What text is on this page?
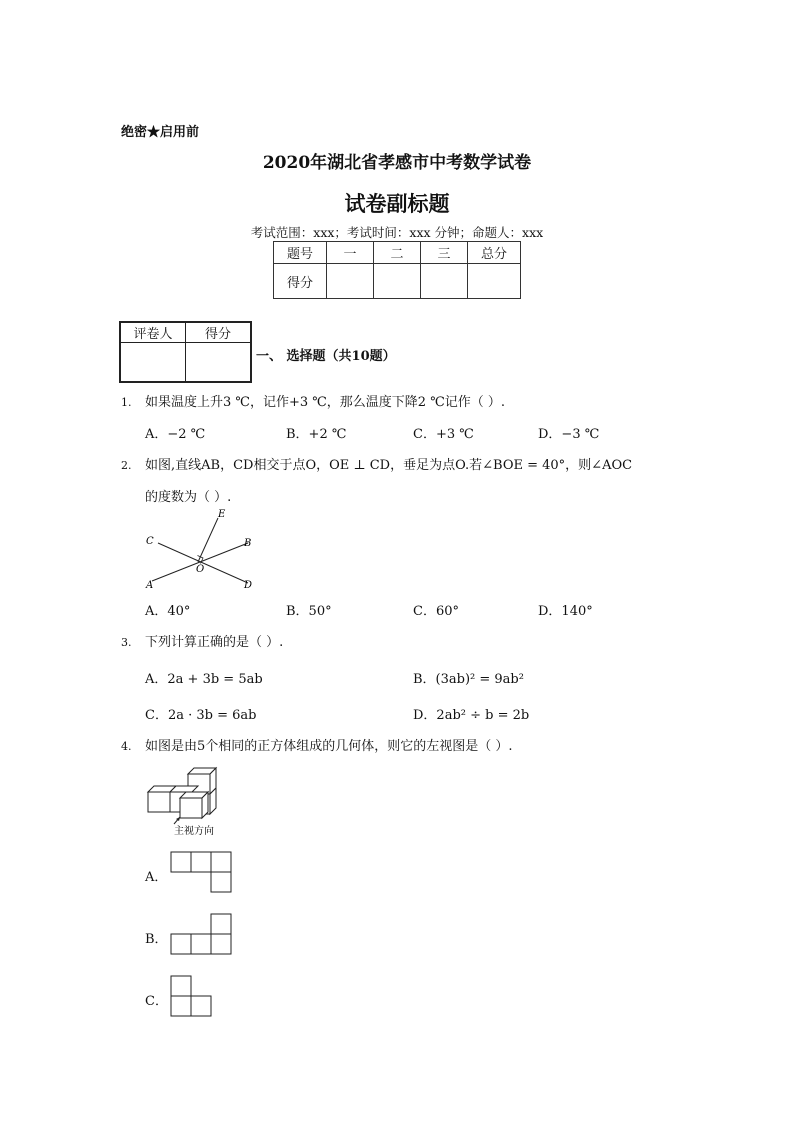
绝密★启用前
2020年湖北省孝感市中考数学试卷
试卷副标题
考试范围：xxx；考试时间：xxx 分钟；命题人：xxx
题号	一	二	三	总分
得分				
评卷人	得分

一、 选择题（共10题）
1. 如果温度上升3 ℃，记作+3 ℃，那么温度下降2 ℃记作（ ）.
A．−2 ℃	B．+2 ℃	C．+3 ℃	D．−3 ℃
2. 如图,直线AB，CD相交于点O，OE ⊥ CD，垂足为点O.若∠BOE = 40°，则∠AOC
的度数为（ ）.
E
C	B
O
A	D
A．40°	B．50°	C．60°	D．140°
3. 下列计算正确的是（ ）.
A．2a + 3b = 5ab	B．(3ab)² = 9ab²
C．2a · 3b = 6ab	D．2ab² ÷ b = 2b
4. 如图是由5个相同的正方体组成的几何体，则它的左视图是（ ）.
主视方向
A．
B．
C．
